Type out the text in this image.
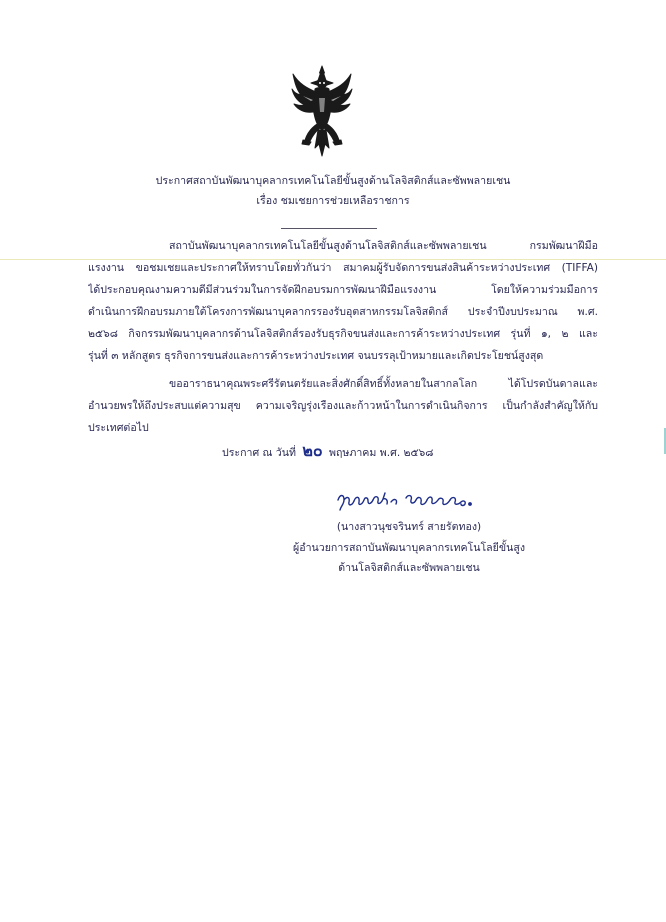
ประกาศสถาบันพัฒนาบุคลากรเทคโนโลยีขั้นสูงด้านโลจิสติกส์และซัพพลายเชน
เรื่อง ชมเชยการช่วยเหลือราชการ
สถาบันพัฒนาบุคลากรเทคโนโลยีขั้นสูงด้านโลจิสติกส์และซัพพลายเชน กรมพัฒนาฝีมือ
แรงงาน ขอชมเชยและประกาศให้ทราบโดยทั่วกันว่า สมาคมผู้รับจัดการขนส่งสินค้าระหว่างประเทศ (TIFFA)
ได้ประกอบคุณงามความดีมีส่วนร่วมในการจัดฝึกอบรมการพัฒนาฝีมือแรงงาน โดยให้ความร่วมมือการ
ดำเนินการฝึกอบรมภายใต้โครงการพัฒนาบุคลากรรองรับอุตสาหกรรมโลจิสติกส์ ประจำปีงบประมาณ พ.ศ.
๒๕๖๘ กิจกรรมพัฒนาบุคลากรด้านโลจิสติกส์รองรับธุรกิจขนส่งและการค้าระหว่างประเทศ รุ่นที่ ๑, ๒ และ
รุ่นที่ ๓ หลักสูตร ธุรกิจการขนส่งและการค้าระหว่างประเทศ จนบรรลุเป้าหมายและเกิดประโยชน์สูงสุด
ขออาราธนาคุณพระศรีรัตนตรัยและสิ่งศักดิ์สิทธิ์ทั้งหลายในสากลโลก ได้โปรดบันดาลและ
อำนวยพรให้ถึงประสบแต่ความสุข ความเจริญรุ่งเรืองและก้าวหน้าในการดำเนินกิจการ เป็นกำลังสำคัญให้กับ
ประเทศต่อไป
ประกาศ ณ วันที่ ๒๐ พฤษภาคม พ.ศ. ๒๕๖๘
(นางสาวนุชจรินทร์ สายรัตทอง)
ผู้อำนวยการสถาบันพัฒนาบุคลากรเทคโนโลยีขั้นสูง
ด้านโลจิสติกส์และซัพพลายเชน
